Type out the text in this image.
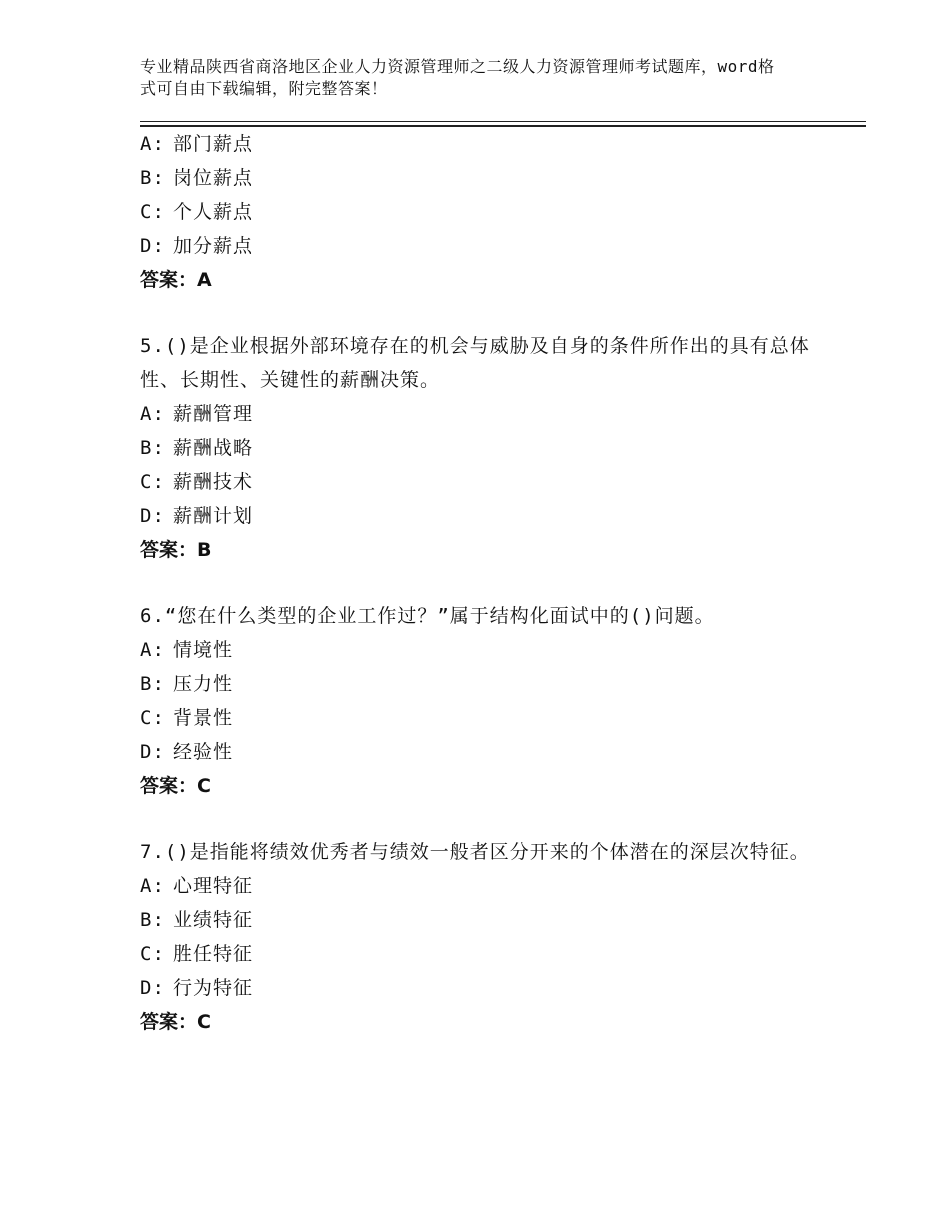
专业精品陕西省商洛地区企业人力资源管理师之二级人力资源管理师考试题库，word格式可自由下载编辑，附完整答案！
A: 部门薪点
B: 岗位薪点
C: 个人薪点
D: 加分薪点
答案：A
5.()是企业根据外部环境存在的机会与威胁及自身的条件所作出的具有总体性、长期性、关键性的薪酬决策。
A: 薪酬管理
B: 薪酬战略
C: 薪酬技术
D: 薪酬计划
答案：B
6.“您在什么类型的企业工作过？”属于结构化面试中的()问题。
A: 情境性
B: 压力性
C: 背景性
D: 经验性
答案：C
7.()是指能将绩效优秀者与绩效一般者区分开来的个体潜在的深层次特征。
A: 心理特征
B: 业绩特征
C: 胜任特征
D: 行为特征
答案：C
